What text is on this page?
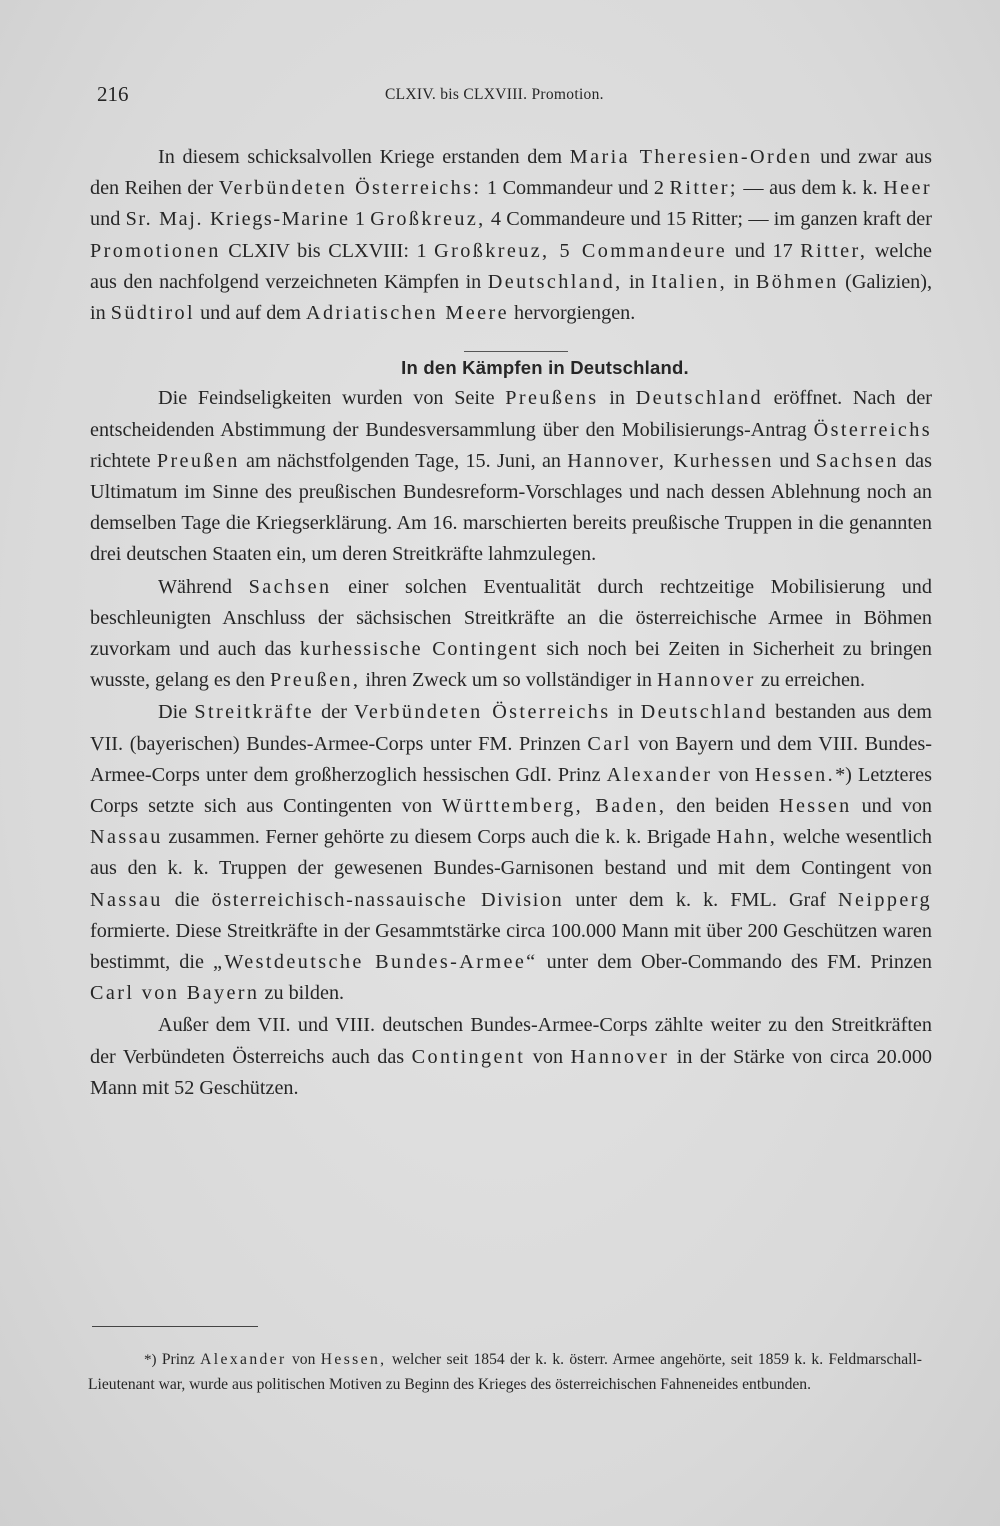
216	CLXIV. bis CLXVIII. Promotion.

In diesem schicksalvollen Kriege erstanden dem Maria Theresien-Orden und zwar aus den Reihen der Verbündeten Österreichs: 1 Commandeur und 2 Ritter; — aus dem k. k. Heer und Sr. Maj. Kriegs-Marine 1 Großkreuz, 4 Commandeure und 15 Ritter; — im ganzen kraft der Promotionen CLXIV bis CLXVIII: 1 Großkreuz, 5 Commandeure und 17 Ritter, welche aus den nachfolgend verzeichneten Kämpfen in Deutschland, in Italien, in Böhmen (Galizien), in Südtirol und auf dem Adriatischen Meere hervorgiengen.

In den Kämpfen in Deutschland.

Die Feindseligkeiten wurden von Seite Preußens in Deutschland eröffnet. Nach der entscheidenden Abstimmung der Bundesversammlung über den Mobilisierungs-Antrag Österreichs richtete Preußen am nächstfolgenden Tage, 15. Juni, an Hannover, Kurhessen und Sachsen das Ultimatum im Sinne des preußischen Bundesreform-Vorschlages und nach dessen Ablehnung noch an demselben Tage die Kriegserklärung. Am 16. marschierten bereits preußische Truppen in die genannten drei deutschen Staaten ein, um deren Streitkräfte lahmzulegen.

Während Sachsen einer solchen Eventualität durch rechtzeitige Mobilisierung und beschleunigten Anschluss der sächsischen Streitkräfte an die österreichische Armee in Böhmen zuvorkam und auch das kurhessische Contingent sich noch bei Zeiten in Sicherheit zu bringen wusste, gelang es den Preußen, ihren Zweck um so vollständiger in Hannover zu erreichen.

Die Streitkräfte der Verbündeten Österreichs in Deutschland bestanden aus dem VII. (bayerischen) Bundes-Armee-Corps unter FM. Prinzen Carl von Bayern und dem VIII. Bundes-Armee-Corps unter dem großherzoglich hessischen GdI. Prinz Alexander von Hessen.*) Letzteres Corps setzte sich aus Contingenten von Württemberg, Baden, den beiden Hessen und von Nassau zusammen. Ferner gehörte zu diesem Corps auch die k. k. Brigade Hahn, welche wesentlich aus den k. k. Truppen der gewesenen Bundes-Garnisonen bestand und mit dem Contingent von Nassau die österreichisch-nassauische Division unter dem k. k. FML. Graf Neipperg formierte. Diese Streitkräfte in der Gesammtstärke circa 100.000 Mann mit über 200 Geschützen waren bestimmt, die „Westdeutsche Bundes-Armee“ unter dem Ober-Commando des FM. Prinzen Carl von Bayern zu bilden.

Außer dem VII. und VIII. deutschen Bundes-Armee-Corps zählte weiter zu den Streitkräften der Verbündeten Österreichs auch das Contingent von Hannover in der Stärke von circa 20.000 Mann mit 52 Geschützen.

*) Prinz Alexander von Hessen, welcher seit 1854 der k. k. österr. Armee angehörte, seit 1859 k. k. Feldmarschall-Lieutenant war, wurde aus politischen Motiven zu Beginn des Krieges des österreichischen Fahneneides entbunden.
